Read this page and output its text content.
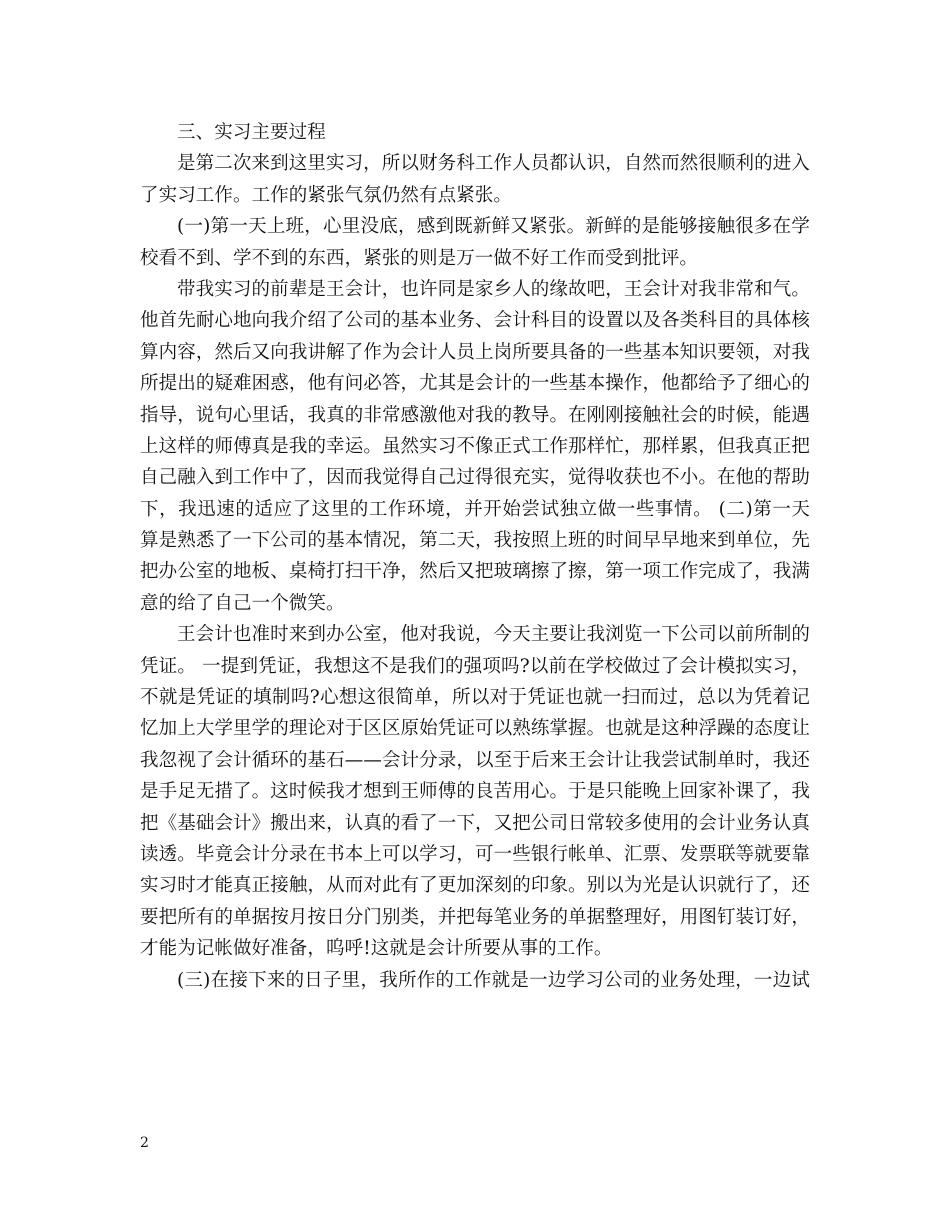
三、实习主要过程
是第二次来到这里实习，所以财务科工作人员都认识，自然而然很顺利的进入
了实习工作。工作的紧张气氛仍然有点紧张。
(一)第一天上班，心里没底，感到既新鲜又紧张。新鲜的是能够接触很多在学
校看不到、学不到的东西，紧张的则是万一做不好工作而受到批评。
带我实习的前辈是王会计，也许同是家乡人的缘故吧，王会计对我非常和气。
他首先耐心地向我介绍了公司的基本业务、会计科目的设置以及各类科目的具体核
算内容，然后又向我讲解了作为会计人员上岗所要具备的一些基本知识要领，对我
所提出的疑难困惑，他有问必答，尤其是会计的一些基本操作，他都给予了细心的
指导，说句心里话，我真的非常感激他对我的教导。在刚刚接触社会的时候，能遇
上这样的师傅真是我的幸运。虽然实习不像正式工作那样忙，那样累，但我真正把
自己融入到工作中了，因而我觉得自己过得很充实，觉得收获也不小。在他的帮助
下，我迅速的适应了这里的工作环境，并开始尝试独立做一些事情。 (二)第一天
算是熟悉了一下公司的基本情况，第二天，我按照上班的时间早早地来到单位，先
把办公室的地板、桌椅打扫干净，然后又把玻璃擦了擦，第一项工作完成了，我满
意的给了自己一个微笑。
王会计也准时来到办公室，他对我说，今天主要让我浏览一下公司以前所制的
凭证。 一提到凭证，我想这不是我们的强项吗?以前在学校做过了会计模拟实习，
不就是凭证的填制吗?心想这很简单，所以对于凭证也就一扫而过，总以为凭着记
忆加上大学里学的理论对于区区原始凭证可以熟练掌握。也就是这种浮躁的态度让
我忽视了会计循环的基石——会计分录，以至于后来王会计让我尝试制单时，我还
是手足无措了。这时候我才想到王师傅的良苦用心。于是只能晚上回家补课了，我
把《基础会计》搬出来，认真的看了一下，又把公司日常较多使用的会计业务认真
读透。毕竟会计分录在书本上可以学习，可一些银行帐单、汇票、发票联等就要靠
实习时才能真正接触，从而对此有了更加深刻的印象。别以为光是认识就行了，还
要把所有的单据按月按日分门别类，并把每笔业务的单据整理好，用图钉装订好，
才能为记帐做好准备，呜呼!这就是会计所要从事的工作。
(三)在接下来的日子里，我所作的工作就是一边学习公司的业务处理，一边试
2
